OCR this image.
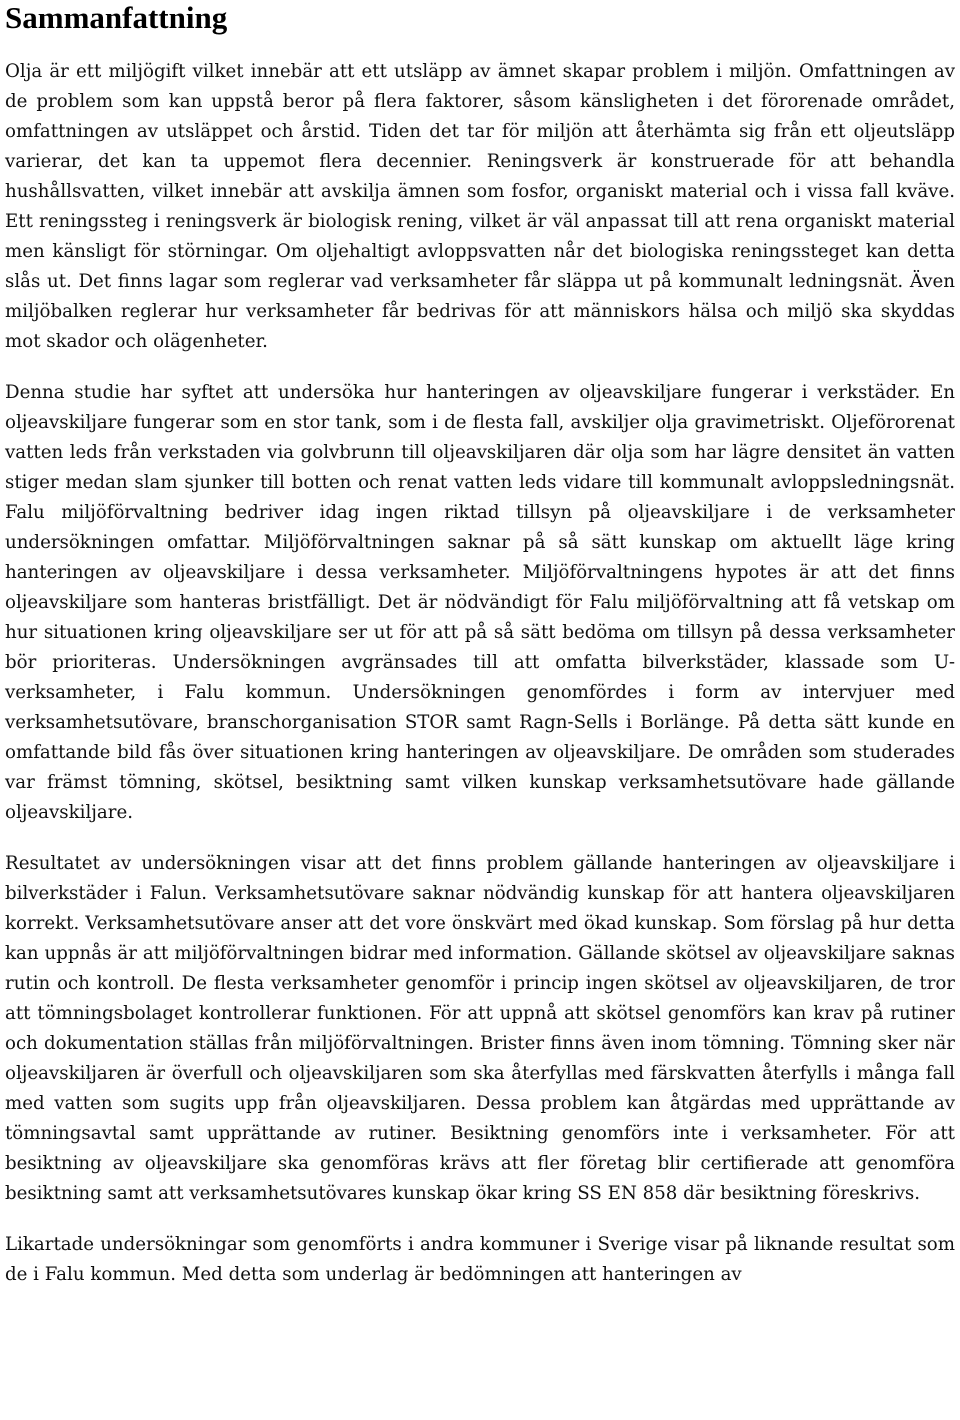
Sammanfattning

Olja är ett miljögift vilket innebär att ett utsläpp av ämnet skapar problem i miljön. Omfattningen av de problem som kan uppstå beror på flera faktorer, såsom känsligheten i det förorenade området, omfattningen av utsläppet och årstid. Tiden det tar för miljön att återhämta sig från ett oljeutsläpp varierar, det kan ta uppemot flera decennier. Reningsverk är konstruerade för att behandla hushållsvatten, vilket innebär att avskilja ämnen som fosfor, organiskt material och i vissa fall kväve. Ett reningssteg i reningsverk är biologisk rening, vilket är väl anpassat till att rena organiskt material men känsligt för störningar. Om oljehaltigt avloppsvatten når det biologiska reningssteget kan detta slås ut. Det finns lagar som reglerar vad verksamheter får släppa ut på kommunalt ledningsnät. Även miljöbalken reglerar hur verksamheter får bedrivas för att människors hälsa och miljö ska skyddas mot skador och olägenheter.

Denna studie har syftet att undersöka hur hanteringen av oljeavskiljare fungerar i verkstäder. En oljeavskiljare fungerar som en stor tank, som i de flesta fall, avskiljer olja gravimetriskt. Oljeförorenat vatten leds från verkstaden via golvbrunn till oljeavskiljaren där olja som har lägre densitet än vatten stiger medan slam sjunker till botten och renat vatten leds vidare till kommunalt avloppsledningsnät. Falu miljöförvaltning bedriver idag ingen riktad tillsyn på oljeavskiljare i de verksamheter undersökningen omfattar. Miljöförvaltningen saknar på så sätt kunskap om aktuellt läge kring hanteringen av oljeavskiljare i dessa verksamheter. Miljöförvaltningens hypotes är att det finns oljeavskiljare som hanteras bristfälligt. Det är nödvändigt för Falu miljöförvaltning att få vetskap om hur situationen kring oljeavskiljare ser ut för att på så sätt bedöma om tillsyn på dessa verksamheter bör prioriteras. Undersökningen avgränsades till att omfatta bilverkstäder, klassade som U-verksamheter, i Falu kommun. Undersökningen genomfördes i form av intervjuer med verksamhetsutövare, branschorganisation STOR samt Ragn-Sells i Borlänge. På detta sätt kunde en omfattande bild fås över situationen kring hanteringen av oljeavskiljare. De områden som studerades var främst tömning, skötsel, besiktning samt vilken kunskap verksamhetsutövare hade gällande oljeavskiljare.

Resultatet av undersökningen visar att det finns problem gällande hanteringen av oljeavskiljare i bilverkstäder i Falun. Verksamhetsutövare saknar nödvändig kunskap för att hantera oljeavskiljaren korrekt. Verksamhetsutövare anser att det vore önskvärt med ökad kunskap. Som förslag på hur detta kan uppnås är att miljöförvaltningen bidrar med information. Gällande skötsel av oljeavskiljare saknas rutin och kontroll. De flesta verksamheter genomför i princip ingen skötsel av oljeavskiljaren, de tror att tömningsbolaget kontrollerar funktionen. För att uppnå att skötsel genomförs kan krav på rutiner och dokumentation ställas från miljöförvaltningen. Brister finns även inom tömning. Tömning sker när oljeavskiljaren är överfull och oljeavskiljaren som ska återfyllas med färskvatten återfylls i många fall med vatten som sugits upp från oljeavskiljaren. Dessa problem kan åtgärdas med upprättande av tömningsavtal samt upprättande av rutiner. Besiktning genomförs inte i verksamheter. För att besiktning av oljeavskiljare ska genomföras krävs att fler företag blir certifierade att genomföra besiktning samt att verksamhetsutövares kunskap ökar kring SS EN 858 där besiktning föreskrivs.

Likartade undersökningar som genomförts i andra kommuner i Sverige visar på liknande resultat som de i Falu kommun. Med detta som underlag är bedömningen att hanteringen av
